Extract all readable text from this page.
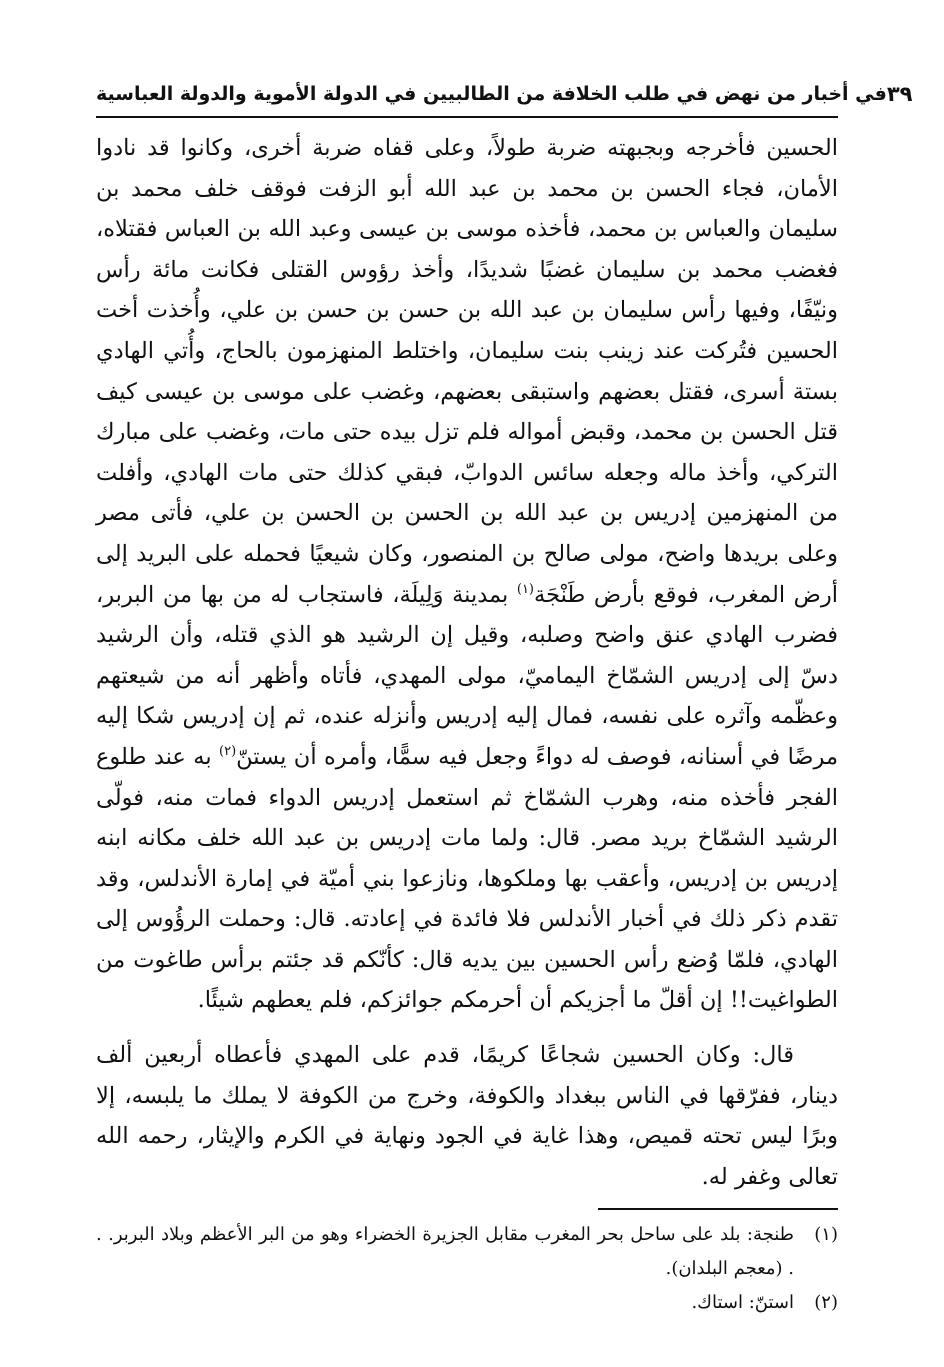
في أخبار من نهض في طلب الخلافة من الطالبيين في الدولة الأموية والدولة العباسية ٣٩

الحسين فأخرجه وبجبهته ضربة طولاً، وعلى قفاه ضربة أخرى، وكانوا قد نادوا الأمان، فجاء الحسن بن محمد بن عبد الله أبو الزفت فوقف خلف محمد بن سليمان والعباس بن محمد، فأخذه موسى بن عيسى وعبد الله بن العباس فقتلاه، فغضب محمد بن سليمان غضبًا شديدًا، وأخذ رؤوس القتلى فكانت مائة رأس ونيّفًا، وفيها رأس سليمان بن عبد الله بن حسن بن حسن بن علي، وأُخذت أخت الحسين فتُركت عند زينب بنت سليمان، واختلط المنهزمون بالحاج، وأُتي الهادي بستة أسرى، فقتل بعضهم واستبقى بعضهم، وغضب على موسى بن عيسى كيف قتل الحسن بن محمد، وقبض أمواله فلم تزل بيده حتى مات، وغضب على مبارك التركي، وأخذ ماله وجعله سائس الدوابّ، فبقي كذلك حتى مات الهادي، وأفلت من المنهزمين إدريس بن عبد الله بن الحسن بن الحسن بن علي، فأتى مصر وعلى بريدها واضح، مولى صالح بن المنصور، وكان شيعيًا فحمله على البريد إلى أرض المغرب، فوقع بأرض طَنْجَة$^{(١)}$ بمدينة وَلِيلَة، فاستجاب له من بها من البربر، فضرب الهادي عنق واضح وصلبه، وقيل إن الرشيد هو الذي قتله، وأن الرشيد دسّ إلى إدريس الشمّاخ اليماميّ، مولى المهدي، فأتاه وأظهر أنه من شيعتهم وعظّمه وآثره على نفسه، فمال إليه إدريس وأنزله عنده، ثم إن إدريس شكا إليه مرضًا في أسنانه، فوصف له دواءً وجعل فيه سمًّا، وأمره أن يستنّ$^{(٢)}$ به عند طلوع الفجر فأخذه منه، وهرب الشمّاخ ثم استعمل إدريس الدواء فمات منه، فولّى الرشيد الشمّاخ بريد مصر. قال: ولما مات إدريس بن عبد الله خلف مكانه ابنه إدريس بن إدريس، وأعقب بها وملكوها، ونازعوا بني أميّة في إمارة الأندلس، وقد تقدم ذكر ذلك في أخبار الأندلس فلا فائدة في إعادته. قال: وحملت الرؤُوس إلى الهادي، فلمّا وُضع رأس الحسين بين يديه قال: كأنّكم قد جئتم برأس طاغوت من الطواغيت!! إن أقلّ ما أجزيكم أن أحرمكم جوائزكم، فلم يعطهم شيئًا.

قال: وكان الحسين شجاعًا كريمًا، قدم على المهدي فأعطاه أربعين ألف دينار، ففرّقها في الناس ببغداد والكوفة، وخرج من الكوفة لا يملك ما يلبسه، إلا وبرًا ليس تحته قميص، وهذا غاية في الجود ونهاية في الكرم والإيثار، رحمه الله تعالى وغفر له.

(١)
طنجة: بلد على ساحل بحر المغرب مقابل الجزيرة الخضراء وهو من البر الأعظم وبلاد البربر. . . (معجم البلدان).
(٢)
استنّ: استاك.
